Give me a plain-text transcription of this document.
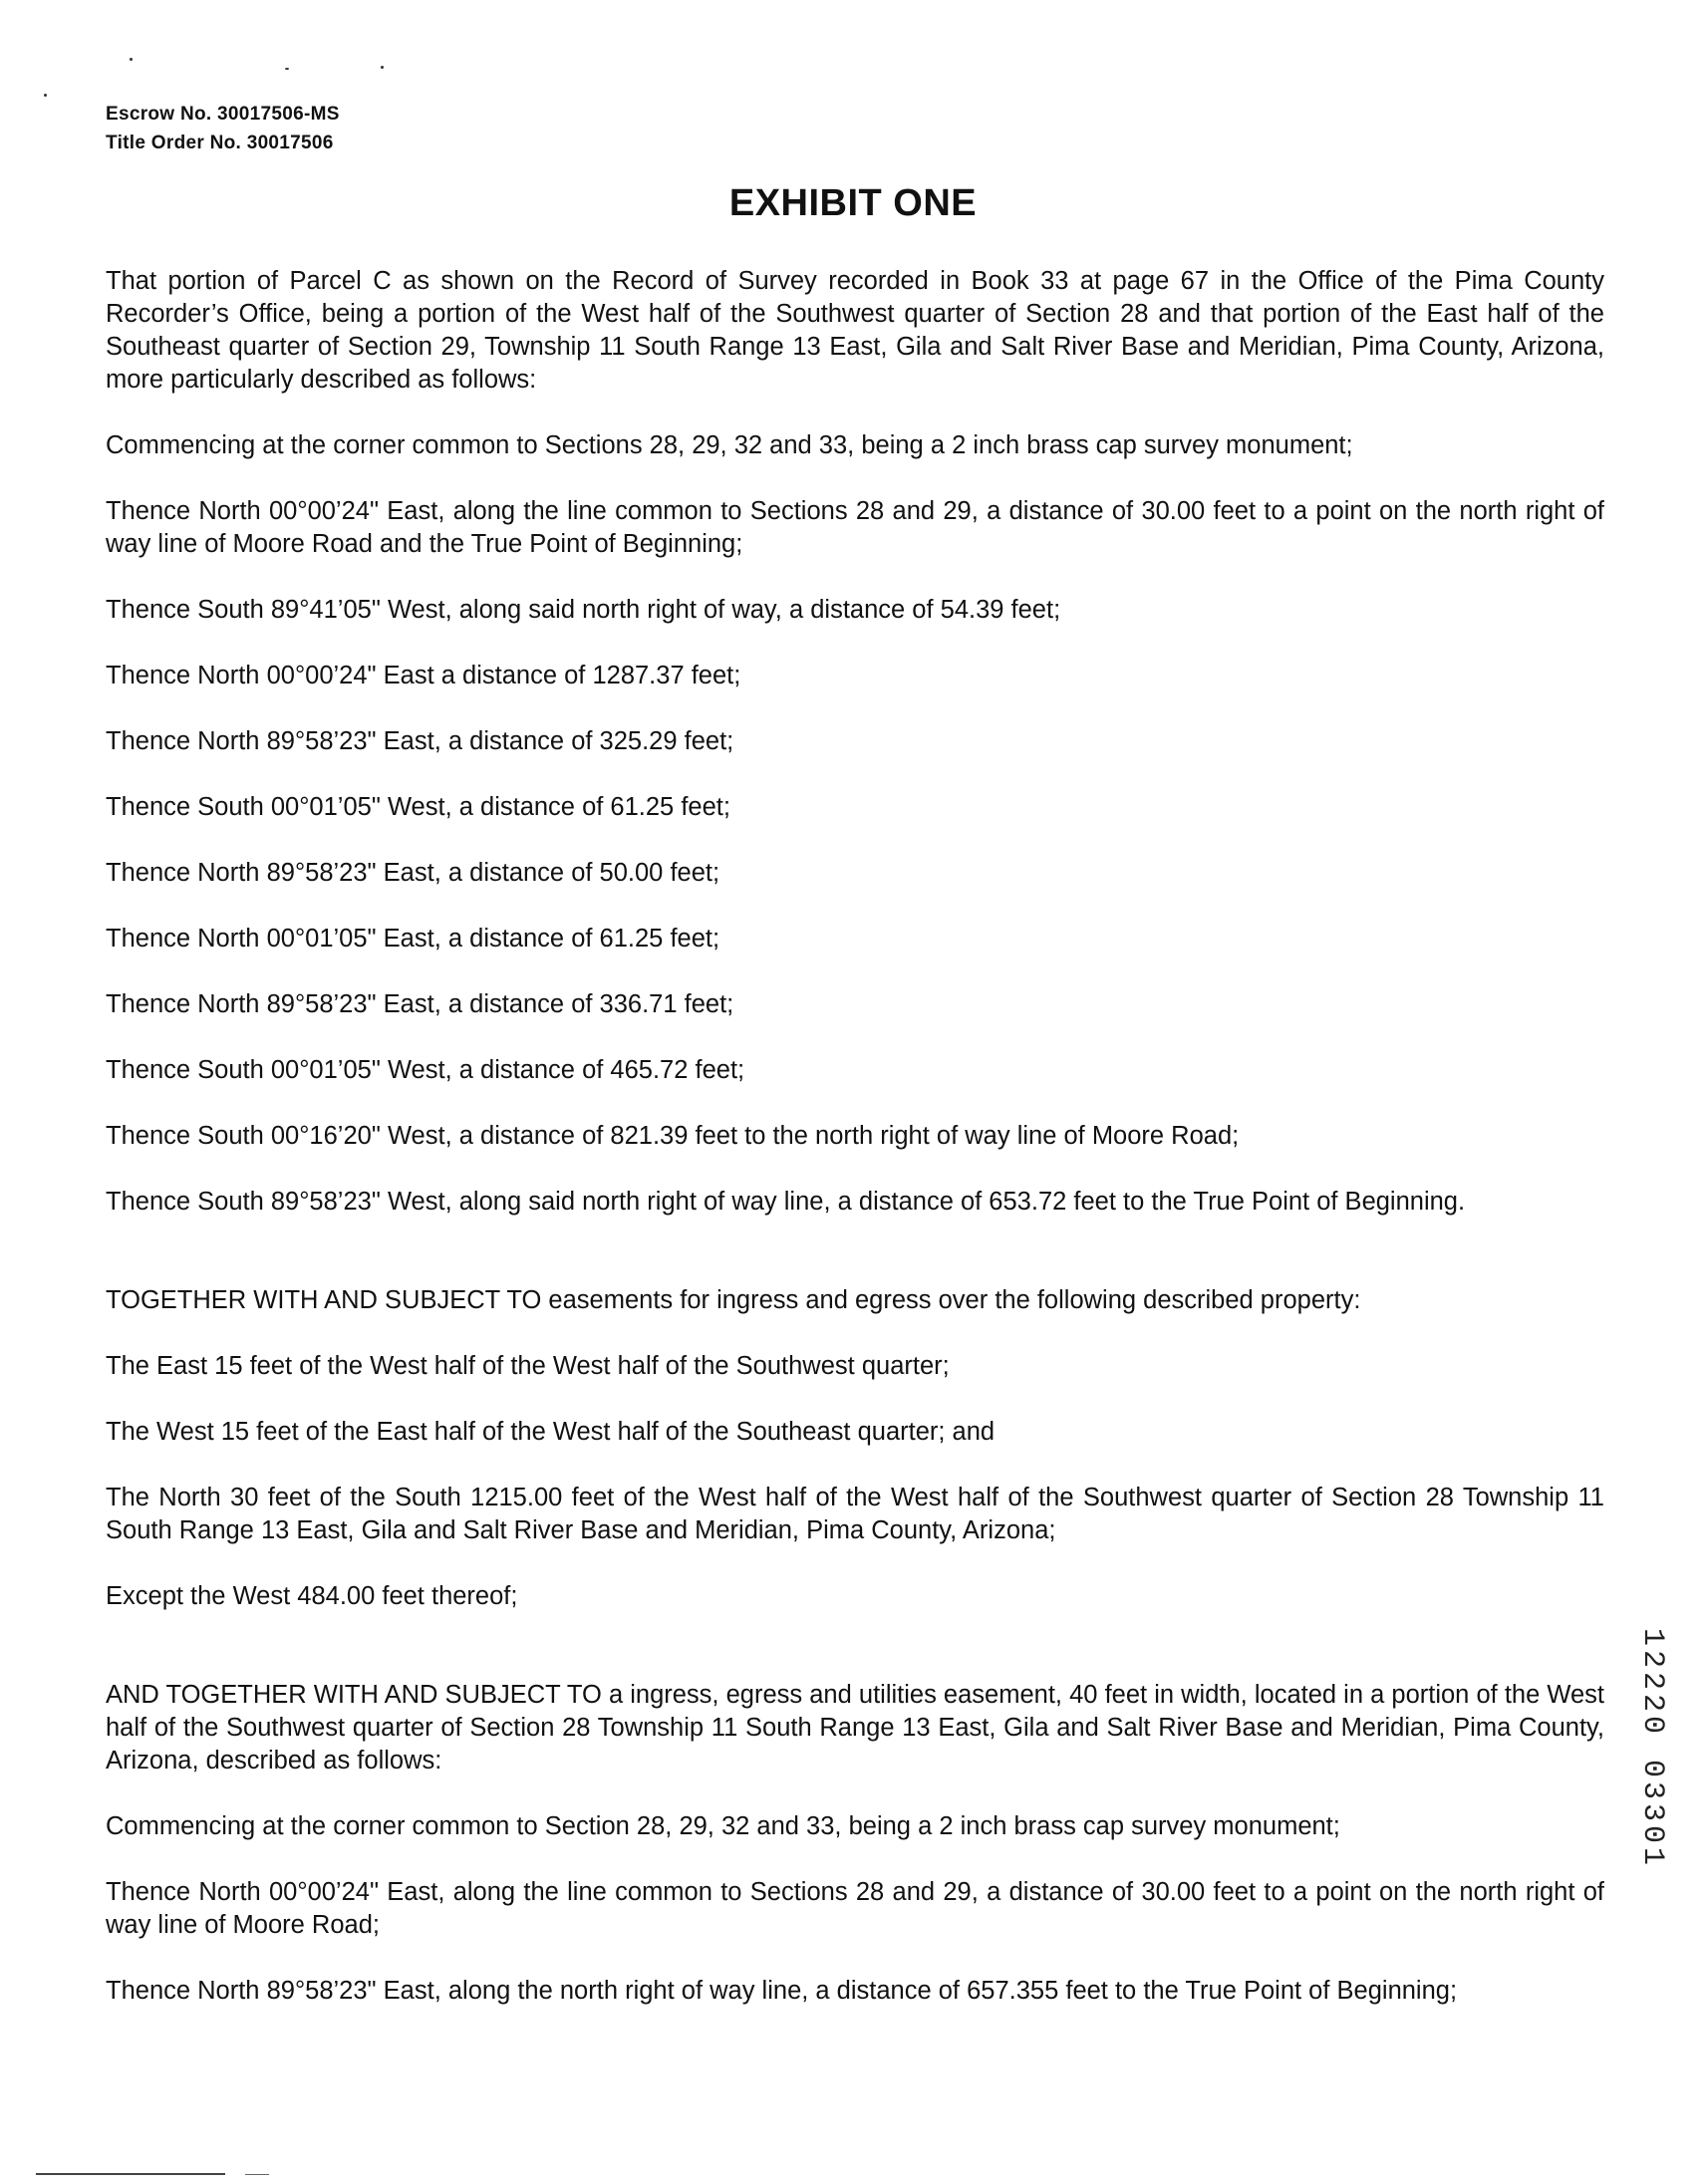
Escrow No. 30017506-MS
Title Order No. 30017506
EXHIBIT ONE

That portion of Parcel C as shown on the Record of Survey recorded in Book 33 at page 67 in the Office of the Pima County Recorder’s Office, being a portion of the West half of the Southwest quarter of Section 28 and that portion of the East half of the Southeast quarter of Section 29, Township 11 South Range 13 East, Gila and Salt River Base and Meridian, Pima County, Arizona, more particularly described as follows:

Commencing at the corner common to Sections 28, 29, 32 and 33, being a 2 inch brass cap survey monument;

Thence North 00°00’24" East, along the line common to Sections 28 and 29, a distance of 30.00 feet to a point on the north right of way line of Moore Road and the True Point of Beginning;

Thence South 89°41’05" West, along said north right of way, a distance of 54.39 feet;

Thence North 00°00’24" East a distance of 1287.37 feet;

Thence North 89°58’23" East, a distance of 325.29 feet;

Thence South 00°01’05" West, a distance of 61.25 feet;

Thence North 89°58’23" East, a distance of 50.00 feet;

Thence North 00°01’05" East, a distance of 61.25 feet;

Thence North 89°58’23" East, a distance of 336.71 feet;

Thence South 00°01’05" West, a distance of 465.72 feet;

Thence South 00°16’20" West, a distance of 821.39 feet to the north right of way line of Moore Road;

Thence South 89°58’23" West, along said north right of way line, a distance of 653.72 feet to the True Point of Beginning.

TOGETHER WITH AND SUBJECT TO easements for ingress and egress over the following described property:

The East 15 feet of the West half of the West half of the Southwest quarter;

The West 15 feet of the East half of the West half of the Southeast quarter; and

The North 30 feet of the South 1215.00 feet of the West half of the West half of the Southwest quarter of Section 28 Township 11 South Range 13 East, Gila and Salt River Base and Meridian, Pima County, Arizona;

Except the West 484.00 feet thereof;

AND TOGETHER WITH AND SUBJECT TO a ingress, egress and utilities easement, 40 feet in width, located in a portion of the West half of the Southwest quarter of Section 28 Township 11 South Range 13 East, Gila and Salt River Base and Meridian, Pima County, Arizona, described as follows:

Commencing at the corner common to Section 28, 29, 32 and 33, being a 2 inch brass cap survey monument;

Thence North 00°00’24" East, along the line common to Sections 28 and 29, a distance of 30.00 feet to a point on the north right of way line of Moore Road;

Thence North 89°58’23" East, along the north right of way line, a distance of 657.355 feet to the True Point of Beginning;

12220 03301
